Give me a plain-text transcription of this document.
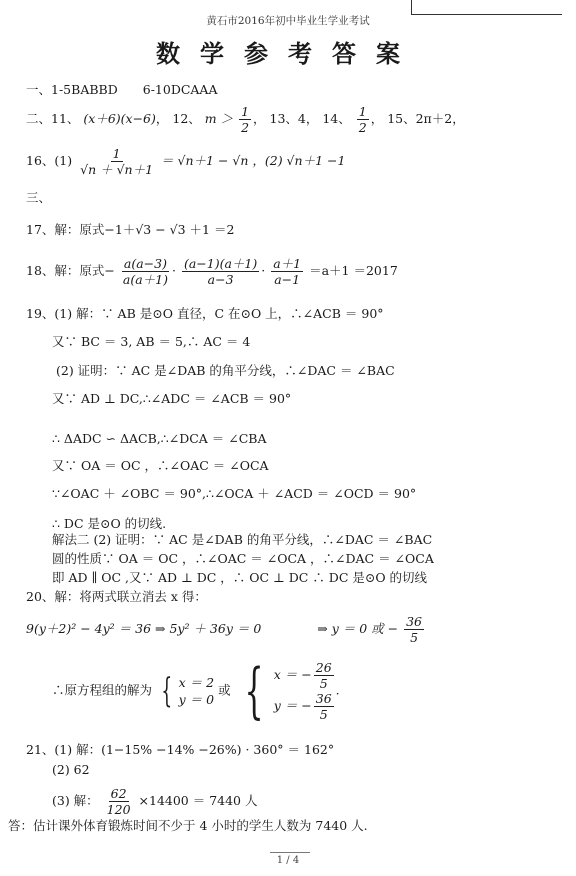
黄石市2016年初中毕业生学业考试
数学参考答案
一、1-5BABBD　　6-10DCAAA
二、11、 (x＋6)(x−6)， 12、 $m > \frac{1}{2}$ ， 13、4， 14、 $\frac{1}{2}$ ， 15、2π＋2，
16、$(1) \frac{1}{√n + √n+1} = √n+1 - √n$ ，(2) √n＋1 −1
三、
17、解：原式−1＋√3 − √3 ＋1 ＝2
18、解：原式− $\frac{a(a-3)}{a(a+1)} \cdot \frac{(a-1)(a+1)}{a-3} \cdot \frac{a+1}{a-1} =a+1 =2017$
19、(1) 解：∵ AB 是⊙O 直径，C 在⊙O 上，∴∠ACB ＝ 90°
又∵ BC ＝ 3, AB ＝ 5,∴ AC ＝ 4
(2) 证明：∵ AC 是∠DAB 的角平分线，∴∠DAC ＝ ∠BAC
又∵ AD ⊥ DC,∴∠ADC ＝ ∠ACB ＝ 90°
∴ ΔADC ∽ ΔACB,∴∠DCA ＝ ∠CBA
又∵ OA ＝ OC ，∴∠OAC ＝ ∠OCA
∵∠OAC ＋ ∠OBC ＝ 90°,∴∠OCA ＋ ∠ACD ＝ ∠OCD ＝ 90°
∴ DC 是⊙O 的切线.
解法二 (2) 证明：∵ AC 是∠DAB 的角平分线，∴∠DAC ＝ ∠BAC
圆的性质∵ OA ＝ OC ，∴∠OAC ＝ ∠OCA ，∴∠DAC ＝ ∠OCA
即 AD ∥ OC ,又∵ AD ⊥ DC ，∴ OC ⊥ DC ∴ DC 是⊙O 的切线
20、解：将两式联立消去 x 得：
9(y＋2)² − 4y² ＝ 36 ⇒ 5y² ＋ 36y ＝ 0	⇒ y ＝ 0 或 − $\frac{36}{5}$
∴原方程组的解为 { x ＝ 2
y ＝ 0
或 { x ＝ − $\frac{26}{5}$
y ＝ − $\frac{36}{5}$
.
21、(1) 解：(1−15% −14% −26%) · 360° ＝ 162°
(2) 62
(3) 解： $\frac{62}{120} \times 14400 = 7440$ 人
答：估计课外体育锻炼时间不少于 4 小时的学生人数为 7440 人.
1 / 4
